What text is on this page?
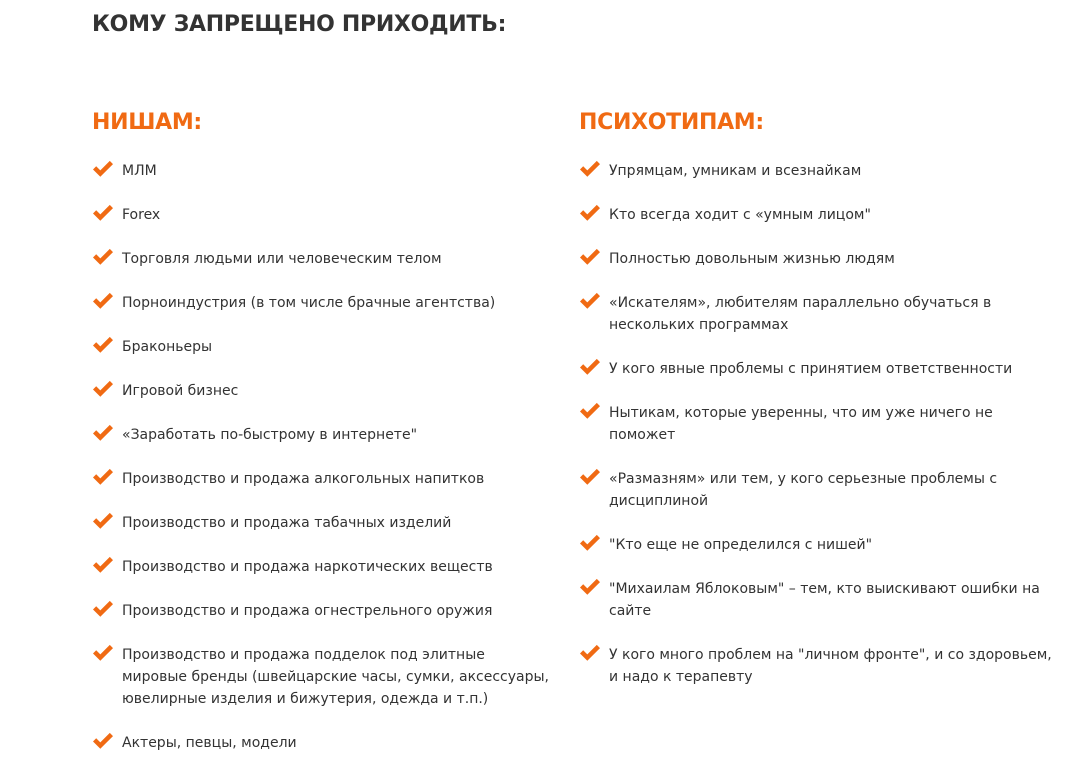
КОМУ ЗАПРЕЩЕНО ПРИХОДИТЬ:
НИШАМ:
МЛМ
Forex
Торговля людьми или человеческим телом
Порноиндустрия (в том числе брачные агентства)
Браконьеры
Игровой бизнес
«Заработать по-быстрому в интернете"
Производство и продажа алкогольных напитков
Производство и продажа табачных изделий
Производство и продажа наркотических веществ
Производство и продажа огнестрельного оружия
Производство и продажа подделок под элитные мировые бренды (швейцарские часы, сумки, аксессуары, ювелирные изделия и бижутерия, одежда и т.п.)
Актеры, певцы, модели
ПСИХОТИПАМ:
Упрямцам, умникам и всезнайкам
Кто всегда ходит с «умным лицом"
Полностью довольным жизнью людям
«Искателям», любителям параллельно обучаться в нескольких программах
У кого явные проблемы с принятием ответственности
Нытикам, которые уверенны, что им уже ничего не поможет
«Размазням» или тем, у кого серьезные проблемы с дисциплиной
"Кто еще не определился с нишей"
"Михаилам Яблоковым" – тем, кто выискивают ошибки на сайте
У кого много проблем на "личном фронте", и со здоровьем, и надо к терапевту
